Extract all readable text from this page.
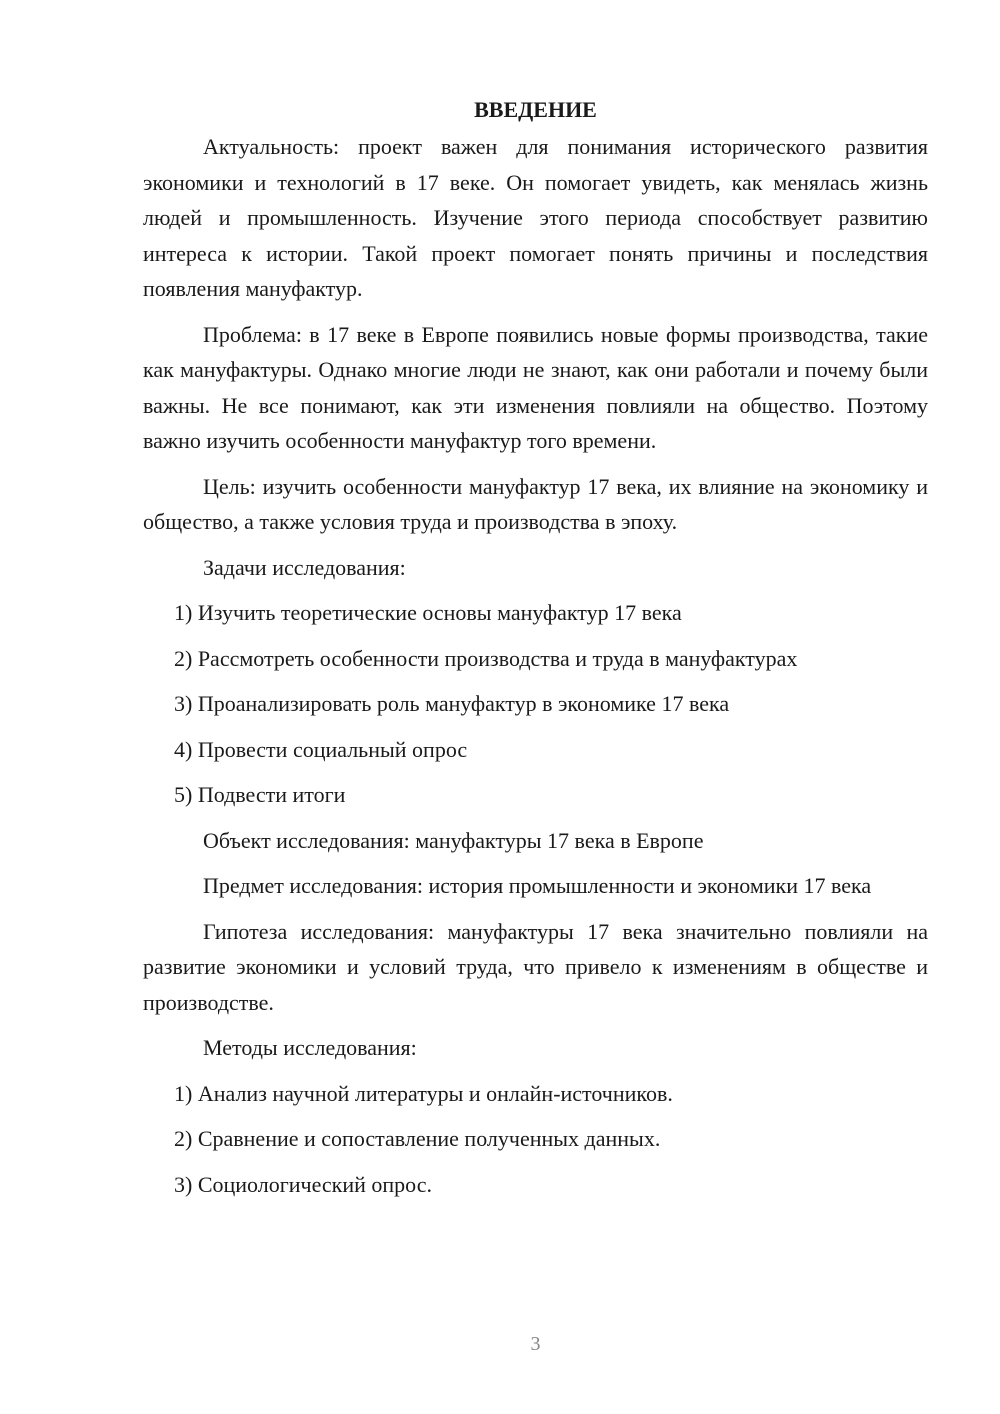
ВВЕДЕНИЕ

Актуальность: проект важен для понимания исторического развития экономики и технологий в 17 веке. Он помогает увидеть, как менялась жизнь людей и промышленность. Изучение этого периода способствует развитию интереса к истории. Такой проект помогает понять причины и последствия появления мануфактур.

Проблема: в 17 веке в Европе появились новые формы производства, такие как мануфактуры. Однако многие люди не знают, как они работали и почему были важны. Не все понимают, как эти изменения повлияли на общество. Поэтому важно изучить особенности мануфактур того времени.

Цель: изучить особенности мануфактур 17 века, их влияние на экономику и общество, а также условия труда и производства в эпоху.

Задачи исследования:
1) Изучить теоретические основы мануфактур 17 века
2) Рассмотреть особенности производства и труда в мануфактурах
3) Проанализировать роль мануфактур в экономике 17 века
4) Провести социальный опрос
5) Подвести итоги

Объект исследования: мануфактуры 17 века в Европе

Предмет исследования: история промышленности и экономики 17 века

Гипотеза исследования: мануфактуры 17 века значительно повлияли на развитие экономики и условий труда, что привело к изменениям в обществе и производстве.

Методы исследования:
1) Анализ научной литературы и онлайн-источников.
2) Сравнение и сопоставление полученных данных.
3) Социологический опрос.
3
